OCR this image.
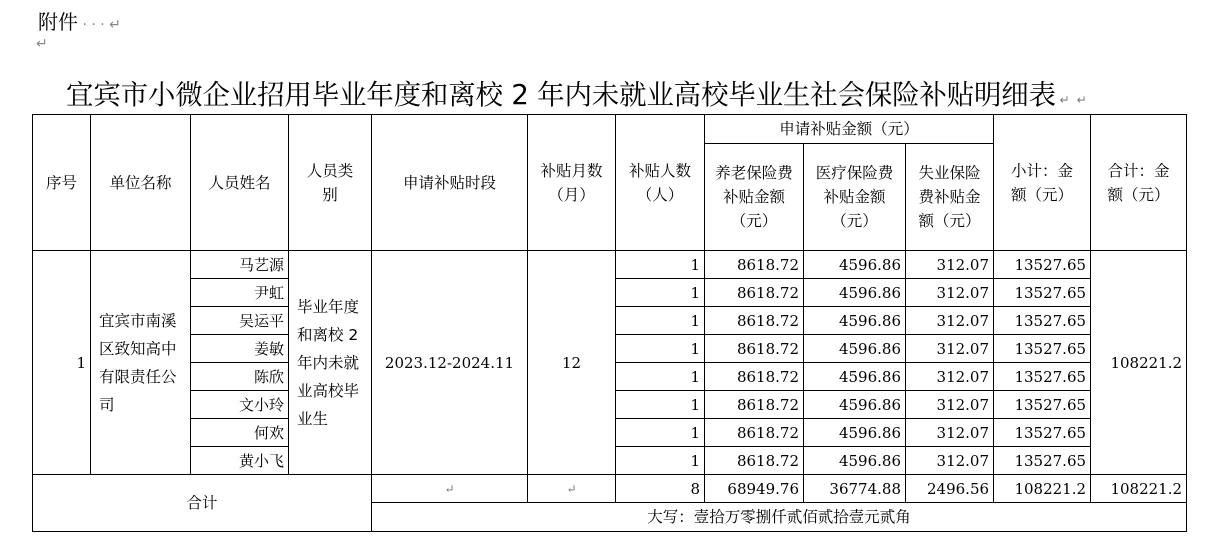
附件 · · · ↵
↵
宜宾市小微企业招用毕业年度和离校 2 年内未就业高校毕业生社会保险补贴明细表 ↵  ↵
序号	单位名称	人员姓名	人员类别	申请补贴时段	补贴月数（月）	补贴人数（人）	申请补贴金额（元）			小计：金额（元）	合计：金额（元）
							养老保险费补贴金额（元）	医疗保险费补贴金额（元）	失业保险费补贴金额（元）		
1	宜宾市南溪区致知高中有限责任公司	马艺源	毕业年度和离校 2 年内未就业高校毕业生	2023.12-2024.11	12	1	8618.72	4596.86	312.07	13527.65	108221.2
		尹虹				1	8618.72	4596.86	312.07	13527.65	
		吴运平				1	8618.72	4596.86	312.07	13527.65	
		姜敏				1	8618.72	4596.86	312.07	13527.65	
		陈欣				1	8618.72	4596.86	312.07	13527.65	
		文小玲				1	8618.72	4596.86	312.07	13527.65	
		何欢				1	8618.72	4596.86	312.07	13527.65	
		黄小飞				1	8618.72	4596.86	312.07	13527.65	
合计				↵	↵	8	68949.76	36774.88	2496.56	108221.2	108221.2
				大写：壹拾万零捌仟贰佰贰拾壹元贰角							
